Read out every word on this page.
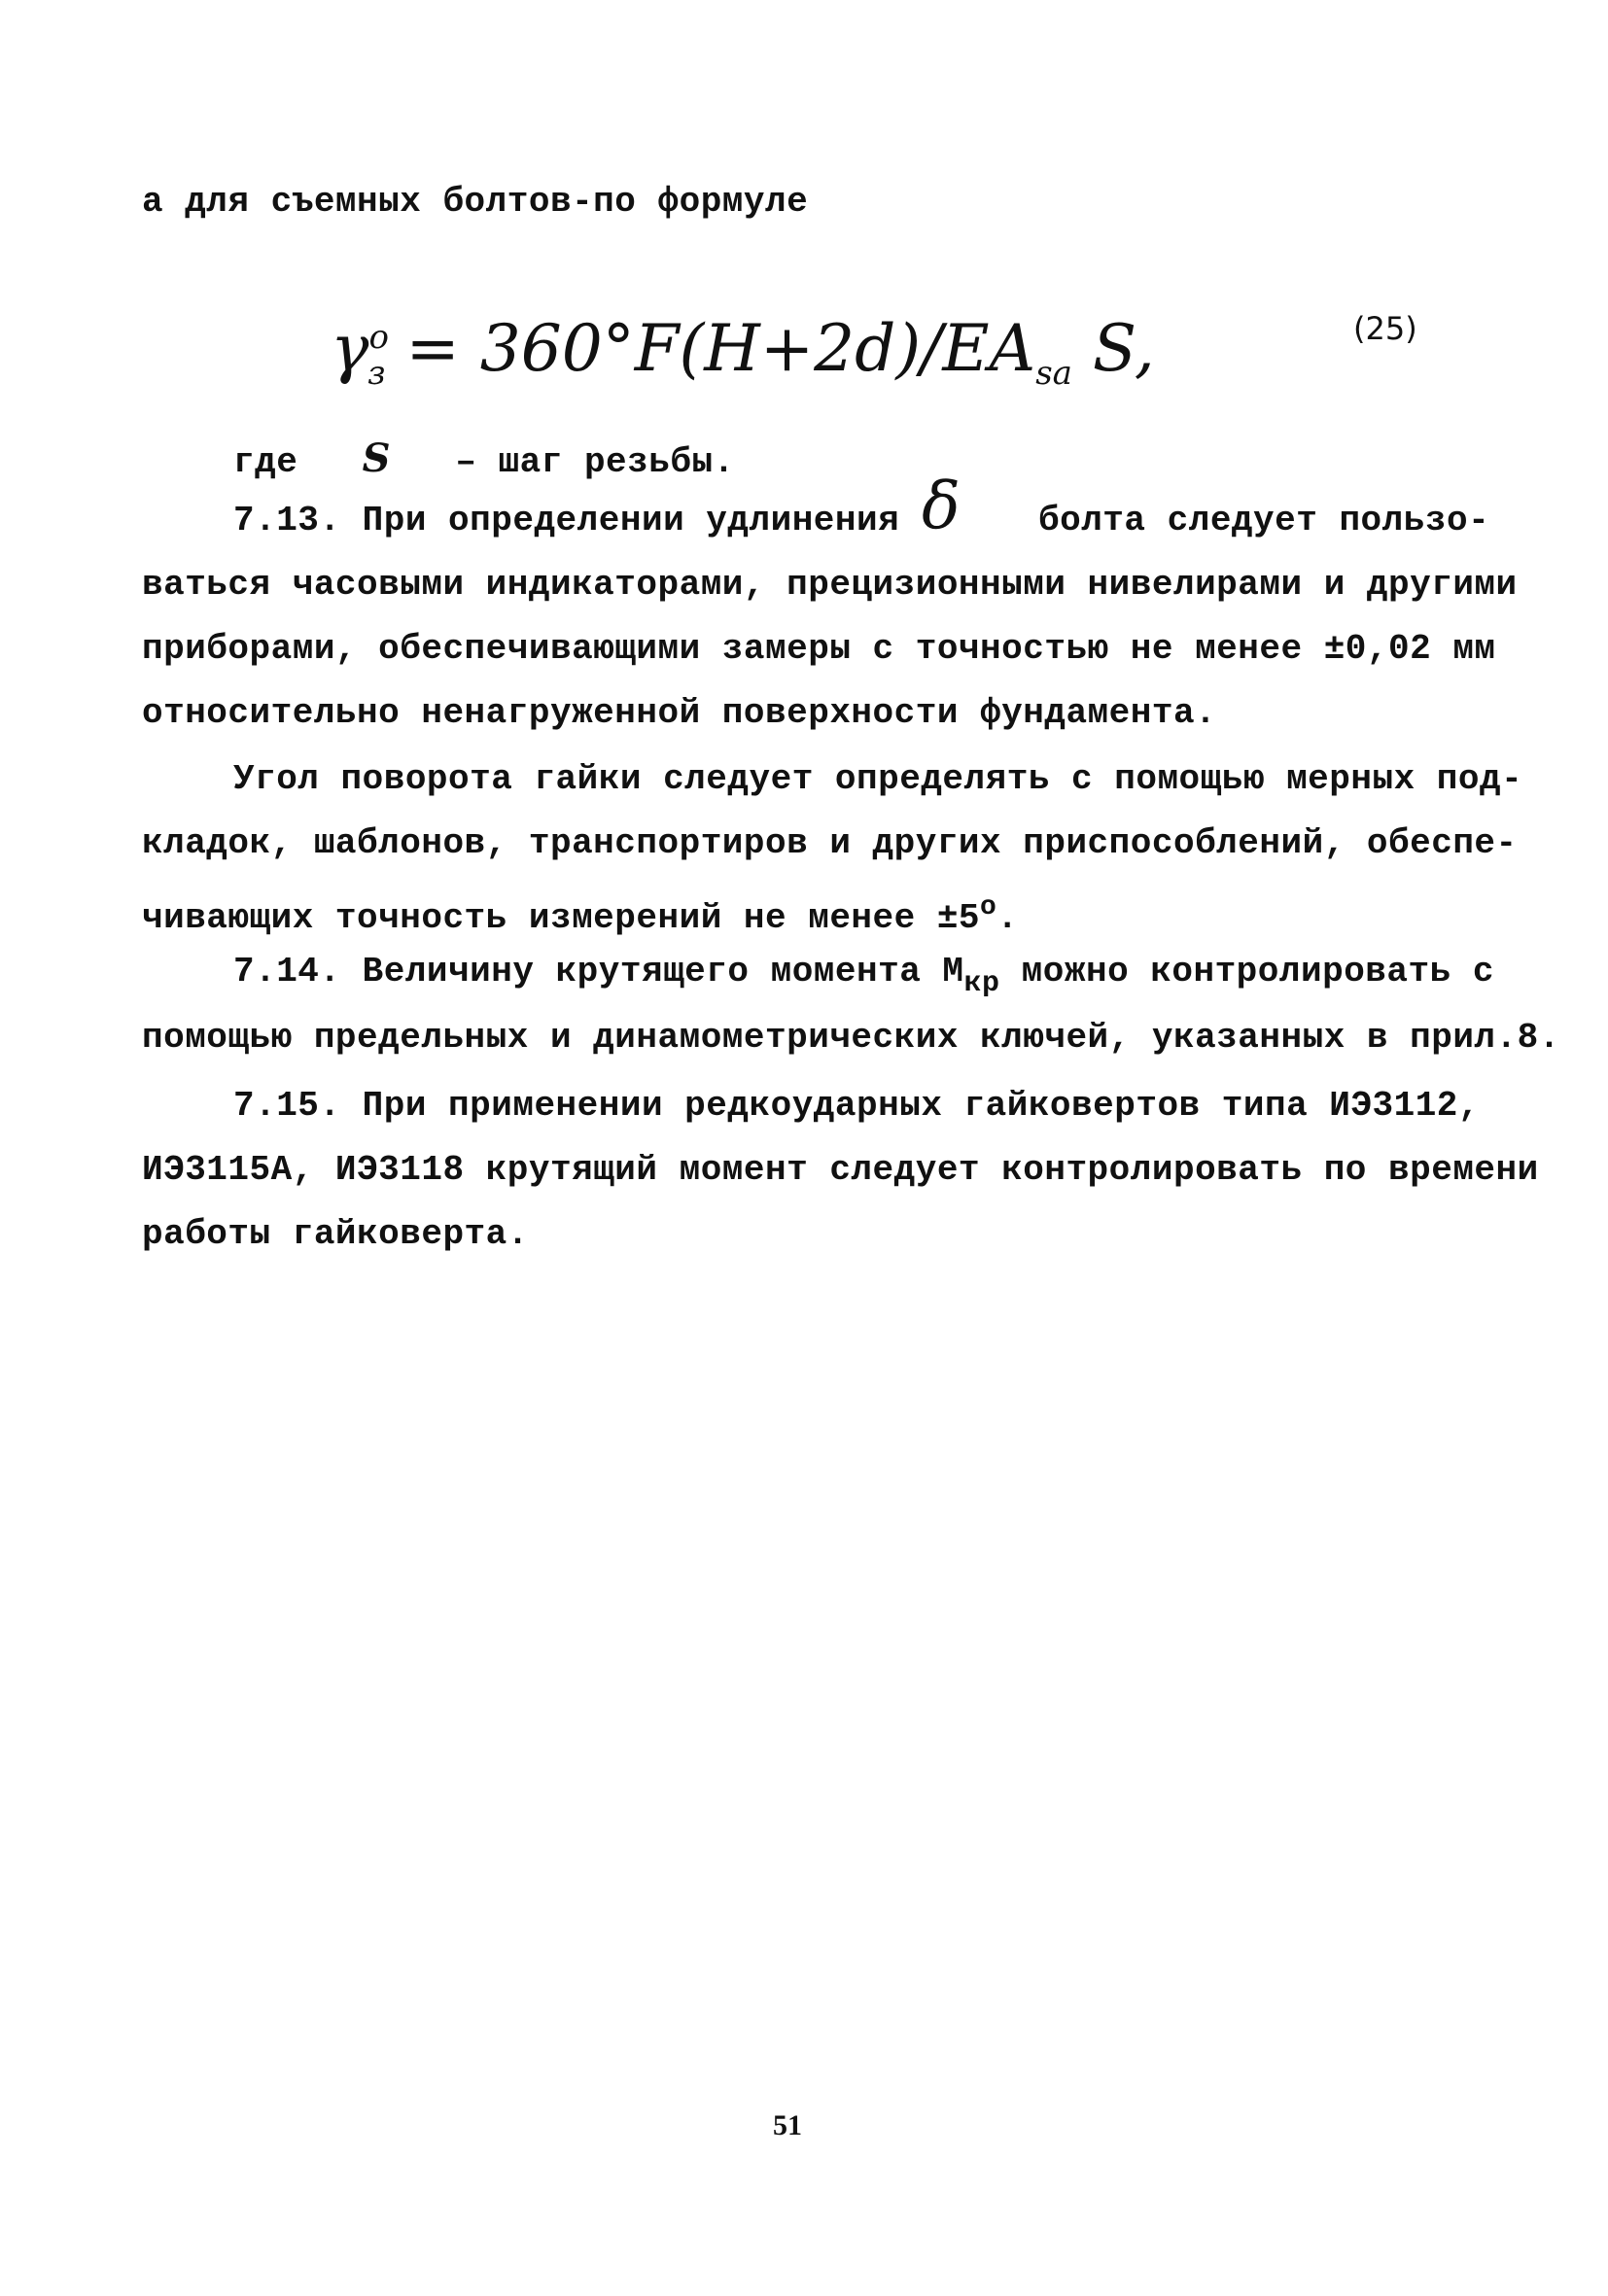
а для съемных болтов-по формуле
$\gamma^о_з = 360^\circ F(H+2d)/EA_{sa}$ S,	(25)
где S – шаг резьбы.
7.13. При определении удлинения δ болта следует пользо-
ваться часовыми индикаторами, прецизионными нивелирами и другими
приборами, обеспечивающими замеры с точностью не менее ±0,02 мм
относительно ненагруженной поверхности фундамента.
Угол поворота гайки следует определять с помощью мерных под-
кладок, шаблонов, транспортиров и других приспособлений, обеспе-
чивающих точность измерений не менее $\pm 5^о$.
7.14. Величину крутящего момента $М_{кр}$ можно контролировать с
помощью предельных и динамометрических ключей, указанных в прил.8.
7.15. При применении редкоударных гайковертов типа ИЭ3112,
ИЭ3115А, ИЭ3118 крутящий момент следует контролировать по времени
работы гайковерта.
51
